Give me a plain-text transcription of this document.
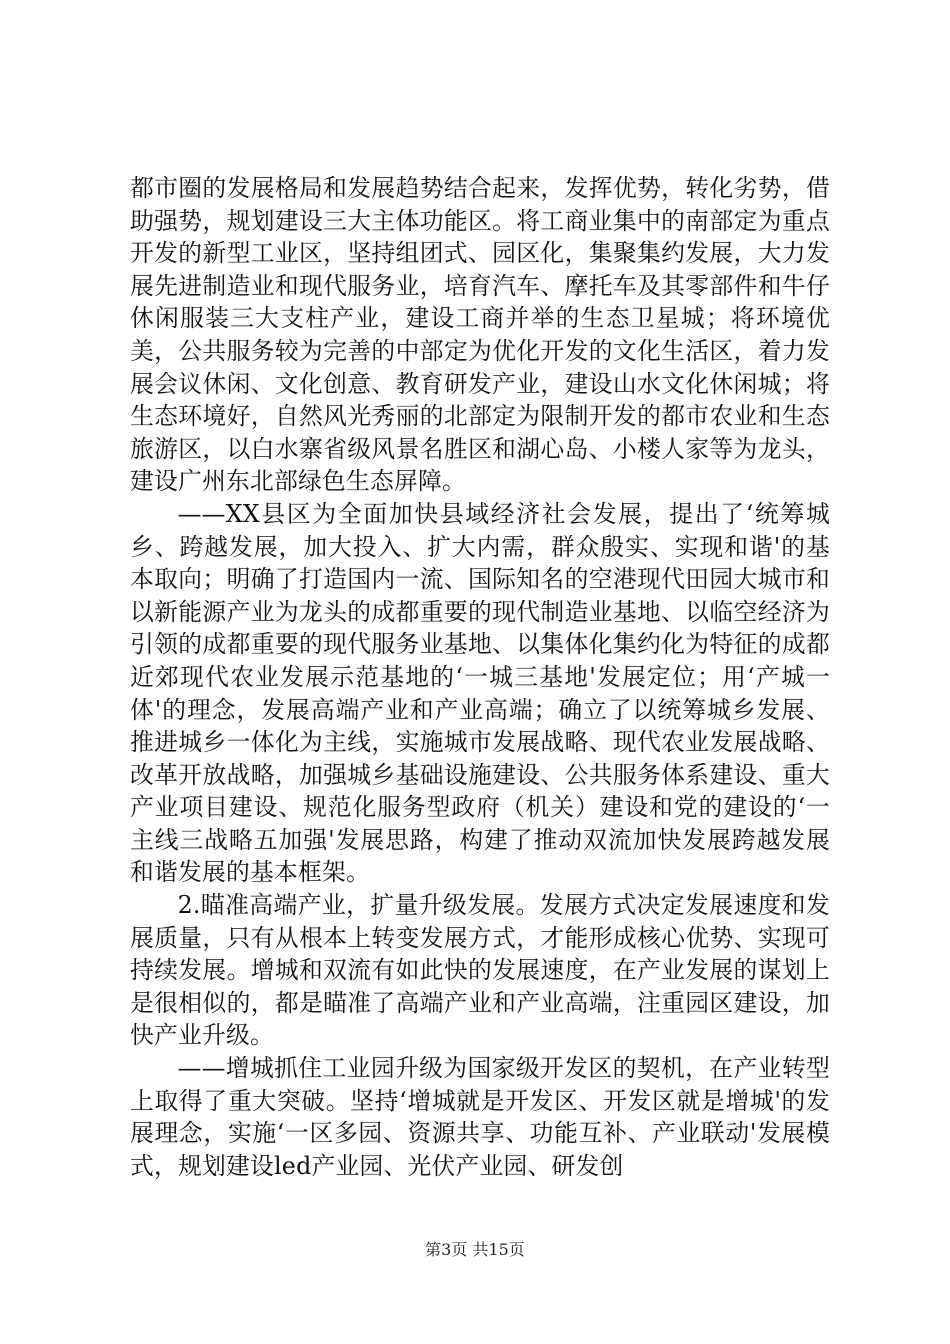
都市圈的发展格局和发展趋势结合起来，发挥优势，转化劣势，借助强势，规划建设三大主体功能区。将工商业集中的南部定为重点开发的新型工业区，坚持组团式、园区化，集聚集约发展，大力发展先进制造业和现代服务业，培育汽车、摩托车及其零部件和牛仔休闲服装三大支柱产业，建设工商并举的生态卫星城；将环境优美，公共服务较为完善的中部定为优化开发的文化生活区，着力发展会议休闲、文化创意、教育研发产业，建设山水文化休闲城；将生态环境好，自然风光秀丽的北部定为限制开发的都市农业和生态旅游区，以白水寨省级风景名胜区和湖心岛、小楼人家等为龙头，建设广州东北部绿色生态屏障。

——XX县区为全面加快县域经济社会发展，提出了‘统筹城乡、跨越发展，加大投入、扩大内需，群众殷实、实现和谐'的基本取向；明确了打造国内一流、国际知名的空港现代田园大城市和以新能源产业为龙头的成都重要的现代制造业基地、以临空经济为引领的成都重要的现代服务业基地、以集体化集约化为特征的成都近郊现代农业发展示范基地的‘一城三基地'发展定位；用‘产城一体'的理念，发展高端产业和产业高端；确立了以统筹城乡发展、推进城乡一体化为主线，实施城市发展战略、现代农业发展战略、改革开放战略，加强城乡基础设施建设、公共服务体系建设、重大产业项目建设、规范化服务型政府（机关）建设和党的建设的‘一主线三战略五加强'发展思路，构建了推动双流加快发展跨越发展和谐发展的基本框架。

2.瞄准高端产业，扩量升级发展。发展方式决定发展速度和发展质量，只有从根本上转变发展方式，才能形成核心优势、实现可持续发展。增城和双流有如此快的发展速度，在产业发展的谋划上是很相似的，都是瞄准了高端产业和产业高端，注重园区建设，加快产业升级。

——增城抓住工业园升级为国家级开发区的契机，在产业转型上取得了重大突破。坚持‘增城就是开发区、开发区就是增城'的发展理念，实施‘一区多园、资源共享、功能互补、产业联动'发展模式，规划建设led产业园、光伏产业园、研发创

第3页 共15页
